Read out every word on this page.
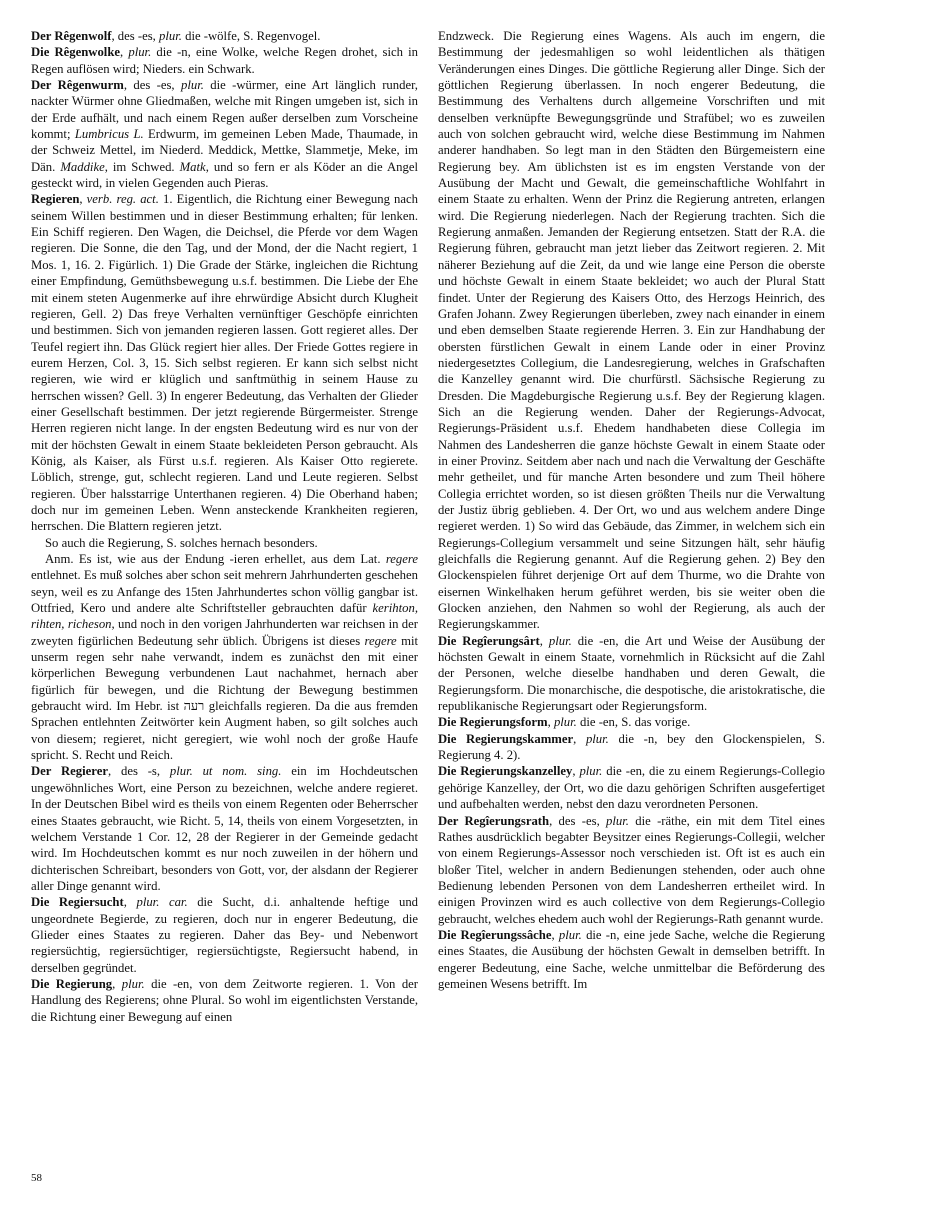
Der Rêgenwolf, des -es, plur. die -wölfe, S. Regenvogel.

Die Rêgenwolke, plur. die -n, eine Wolke, welche Regen drohet, sich in Regen auflösen wird; Nieders. ein Schwark.

Der Rêgenwurm, des -es, plur. die -würmer, eine Art länglich runder, nackter Würmer ohne Gliedmaßen, welche mit Ringen umgeben ist, sich in der Erde aufhält, und nach einem Regen außer derselben zum Vorscheine kommt; Lumbricus L. Erdwurm, im gemeinen Leben Made, Thaumade, in der Schweiz Mettel, im Niederd. Meddick, Mettke, Slammetje, Meke, im Dän. Maddike, im Schwed. Matk, und so fern er als Köder an die Angel gesteckt wird, in vielen Gegenden auch Pieras.

Regieren, verb. reg. act. 1. Eigentlich, die Richtung einer Bewegung nach seinem Willen bestimmen und in dieser Bestimmung erhalten; für lenken. Ein Schiff regieren. Den Wagen, die Deichsel, die Pferde vor dem Wagen regieren. Die Sonne, die den Tag, und der Mond, der die Nacht regiert, 1 Mos. 1, 16. 2. Figürlich. 1) Die Grade der Stärke, ingleichen die Richtung einer Empfindung, Gemüthsbewegung u.s.f. bestimmen. Die Liebe der Ehe mit einem steten Augenmerke auf ihre ehrwürdige Absicht durch Klugheit regieren, Gell. 2) Das freye Verhalten vernünftiger Geschöpfe einrichten und bestimmen. Sich von jemanden regieren lassen. Gott regieret alles. Der Teufel regiert ihn. Das Glück regiert hier alles. Der Friede Gottes regiere in eurem Herzen, Col. 3, 15. Sich selbst regieren. Er kann sich selbst nicht regieren, wie wird er klüglich und sanftmüthig in seinem Hause zu herrschen wissen? Gell. 3) In engerer Bedeutung, das Verhalten der Glieder einer Gesellschaft bestimmen. Der jetzt regierende Bürgermeister. Strenge Herren regieren nicht lange. In der engsten Bedeutung wird es nur von der mit der höchsten Gewalt in einem Staate bekleideten Person gebraucht. Als König, als Kaiser, als Fürst u.s.f. regieren. Als Kaiser Otto regierete. Löblich, strenge, gut, schlecht regieren. Land und Leute regieren. Selbst regieren. Über halsstarrige Unterthanen regieren. 4) Die Oberhand haben; doch nur im gemeinen Leben. Wenn ansteckende Krankheiten regieren, herrschen. Die Blattern regieren jetzt.

So auch die Regierung, S. solches hernach besonders.

Anm. Es ist, wie aus der Endung -ieren erhellet, aus dem Lat. regere entlehnet. Es muß solches aber schon seit mehrern Jahrhunderten geschehen seyn, weil es zu Anfange des 15ten Jahrhundertes schon völlig gangbar ist. Ottfried, Kero und andere alte Schriftsteller gebrauchten dafür kerihton, rihten, richeson, und noch in den vorigen Jahrhunderten war reichsen in der zweyten figürlichen Bedeutung sehr üblich. Übrigens ist dieses regere mit unserm regen sehr nahe verwandt, indem es zunächst den mit einer körperlichen Bewegung verbundenen Laut nachahmet, hernach aber figürlich für bewegen, und die Richtung der Bewegung bestimmen gebraucht wird. Im Hebr. ist רעה gleichfalls regieren. Da die aus fremden Sprachen entlehnten Zeitwörter kein Augment haben, so gilt solches auch von diesem; regieret, nicht geregiert, wie wohl noch der große Haufe spricht. S. Recht und Reich.

Der Regierer, des -s, plur. ut nom. sing. ein im Hochdeutschen ungewöhnliches Wort, eine Person zu bezeichnen, welche andere regieret. In der Deutschen Bibel wird es theils von einem Regenten oder Beherrscher eines Staates gebraucht, wie Richt. 5, 14, theils von einem Vorgesetzten, in welchem Verstande 1 Cor. 12, 28 der Regierer in der Gemeinde gedacht wird. Im Hochdeutschen kommt es nur noch zuweilen in der höhern und dichterischen Schreibart, besonders von Gott, vor, der alsdann der Regierer aller Dinge genannt wird.

Die Regiersucht, plur. car. die Sucht, d.i. anhaltende heftige und ungeordnete Begierde, zu regieren, doch nur in engerer Bedeutung, die Glieder eines Staates zu regieren. Daher das Bey- und Nebenwort regiersüchtig, regiersüchtiger, regiersüchtigste, Regiersucht habend, in derselben gegründet.

Die Regierung, plur. die -en, von dem Zeitworte regieren. 1. Von der Handlung des Regierens; ohne Plural. So wohl im eigentlichsten Verstande, die Richtung einer Bewegung auf einen

Endzweck. Die Regierung eines Wagens. Als auch im engern, die Bestimmung der jedesmahligen so wohl leidentlichen als thätigen Veränderungen eines Dinges. Die göttliche Regierung aller Dinge. Sich der göttlichen Regierung überlassen. In noch engerer Bedeutung, die Bestimmung des Verhaltens durch allgemeine Vorschriften und mit denselben verknüpfte Bewegungsgründe und Strafübel; wo es zuweilen auch von solchen gebraucht wird, welche diese Bestimmung im Nahmen anderer handhaben. So legt man in den Städten den Bürgemeistern eine Regierung bey. Am üblichsten ist es im engsten Verstande von der Ausübung der Macht und Gewalt, die gemeinschaftliche Wohlfahrt in einem Staate zu erhalten. Wenn der Prinz die Regierung antreten, erlangen wird. Die Regierung niederlegen. Nach der Regierung trachten. Sich die Regierung anmaßen. Jemanden der Regierung entsetzen. Statt der R.A. die Regierung führen, gebraucht man jetzt lieber das Zeitwort regieren. 2. Mit näherer Beziehung auf die Zeit, da und wie lange eine Person die oberste und höchste Gewalt in einem Staate bekleidet; wo auch der Plural Statt findet. Unter der Regierung des Kaisers Otto, des Herzogs Heinrich, des Grafen Johann. Zwey Regierungen überleben, zwey nach einander in einem und eben demselben Staate regierende Herren. 3. Ein zur Handhabung der obersten fürstlichen Gewalt in einem Lande oder in einer Provinz niedergesetztes Collegium, die Landesregierung, welches in Grafschaften die Kanzelley genannt wird. Die churfürstl. Sächsische Regierung zu Dresden. Die Magdeburgische Regierung u.s.f. Bey der Regierung klagen. Sich an die Regierung wenden. Daher der Regierungs-Advocat, Regierungs-Präsident u.s.f. Ehedem handhabeten diese Collegia im Nahmen des Landesherren die ganze höchste Gewalt in einem Staate oder in einer Provinz. Seitdem aber nach und nach die Verwaltung der Geschäfte mehr getheilet, und für manche Arten besondere und zum Theil höhere Collegia errichtet worden, so ist diesen größten Theils nur die Verwaltung der Justiz übrig geblieben. 4. Der Ort, wo und aus welchem andere Dinge regieret werden. 1) So wird das Gebäude, das Zimmer, in welchem sich ein Regierungs-Collegium versammelt und seine Sitzungen hält, sehr häufig gleichfalls die Regierung genannt. Auf die Regierung gehen. 2) Bey den Glockenspielen führet derjenige Ort auf dem Thurme, wo die Drahte von eisernen Winkelhaken herum geführet werden, bis sie weiter oben die Glocken anziehen, den Nahmen so wohl der Regierung, als auch der Regierungskammer.

Die Regîerungsârt, plur. die -en, die Art und Weise der Ausübung der höchsten Gewalt in einem Staate, vornehmlich in Rücksicht auf die Zahl der Personen, welche dieselbe handhaben und deren Gewalt, die Regierungsform. Die monarchische, die despotische, die aristokratische, die republikanische Regierungsart oder Regierungsform.

Die Regierungsform, plur. die -en, S. das vorige.

Die Regierungskammer, plur. die -n, bey den Glockenspielen, S. Regierung 4. 2).

Die Regierungskanzelley, plur. die -en, die zu einem Regierungs-Collegio gehörige Kanzelley, der Ort, wo die dazu gehörigen Schriften ausgefertiget und aufbehalten werden, nebst den dazu verordneten Personen.

Der Regîerungsrath, des -es, plur. die -räthe, ein mit dem Titel eines Rathes ausdrücklich begabter Beysitzer eines Regierungs-Collegii, welcher von einem Regierungs-Assessor noch verschieden ist. Oft ist es auch ein bloßer Titel, welcher in andern Bedienungen stehenden, oder auch ohne Bedienung lebenden Personen von dem Landesherren ertheilet wird. In einigen Provinzen wird es auch collective von dem Regierungs-Collegio gebraucht, welches ehedem auch wohl der Regierungs-Rath genannt wurde.

Die Regîerungssâche, plur. die -n, eine jede Sache, welche die Regierung eines Staates, die Ausübung der höchsten Gewalt in demselben betrifft. In engerer Bedeutung, eine Sache, welche unmittelbar die Beförderung des gemeinen Wesens betrifft. Im

58
